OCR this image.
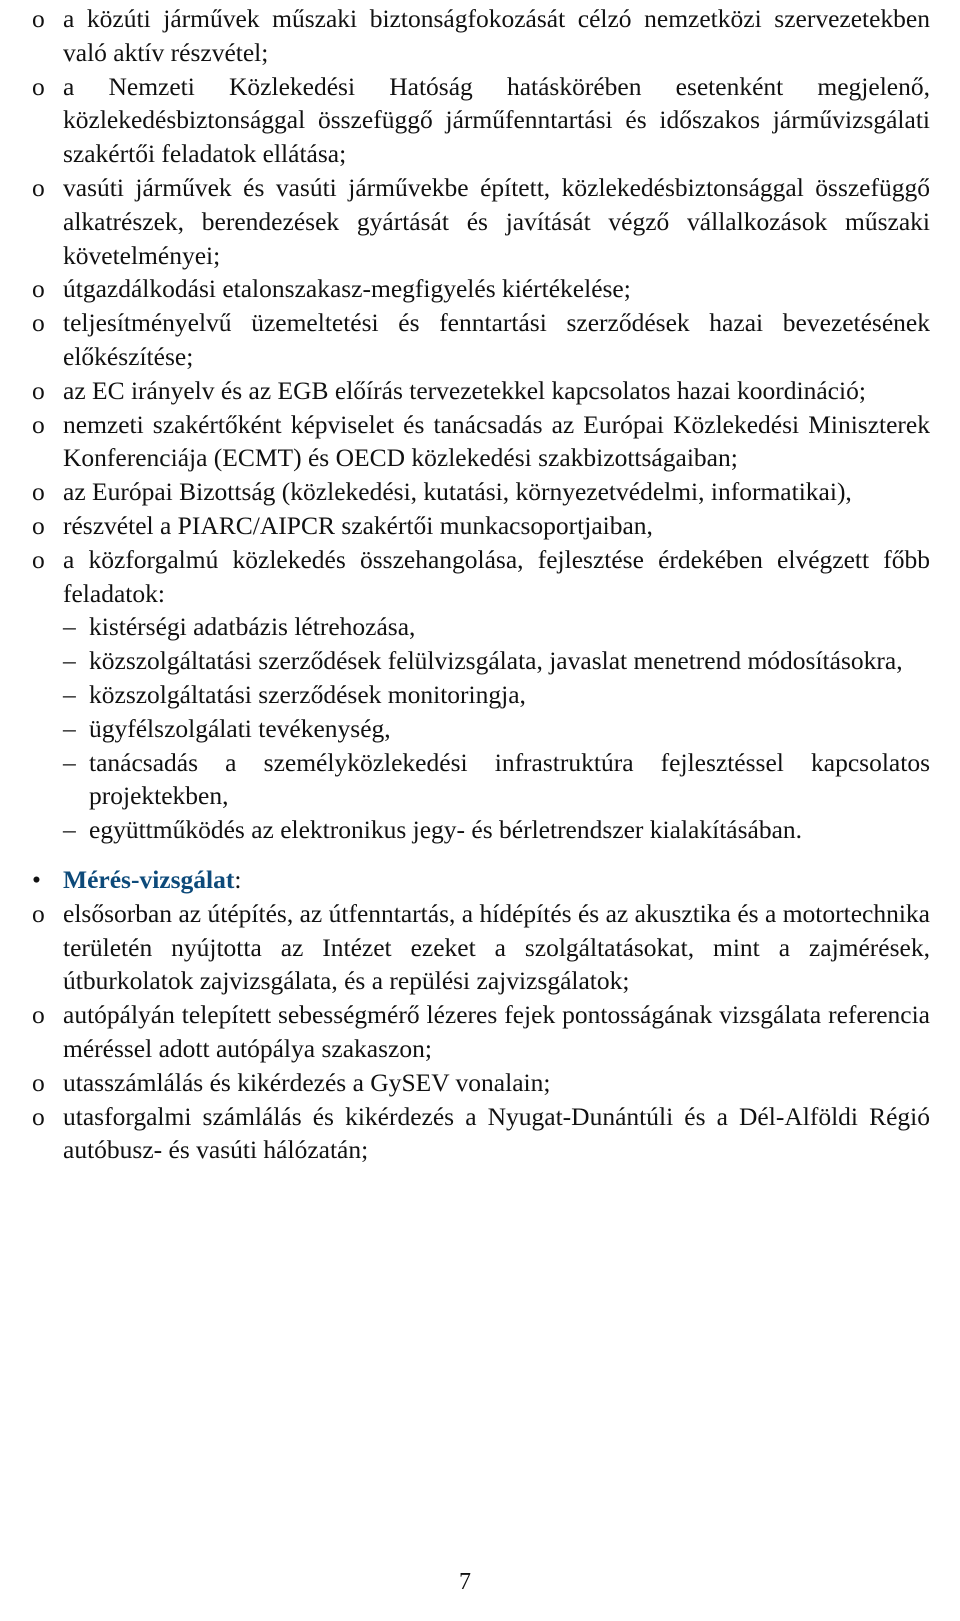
o a közúti járművek műszaki biztonságfokozását célzó nemzetközi szervezetekben való aktív részvétel;
o a Nemzeti Közlekedési Hatóság hatáskörében esetenként megjelenő, közlekedésbiztonsággal összefüggő járműfenntartási és időszakos járművizsgálati szakértői feladatok ellátása;
o vasúti járművek és vasúti járművekbe épített, közlekedésbiztonsággal összefüggő alkatrészek, berendezések gyártását és javítását végző vállalkozások műszaki követelményei;
o útgazdálkodási etalonszakasz-megfigyelés kiértékelése;
o teljesítményelvű üzemeltetési és fenntartási szerződések hazai bevezetésének előkészítése;
o az EC irányelv és az EGB előírás tervezetekkel kapcsolatos hazai koordináció;
o nemzeti szakértőként képviselet és tanácsadás az Európai Közlekedési Miniszterek Konferenciája (ECMT) és OECD közlekedési szakbizottságaiban;
o az Európai Bizottság (közlekedési, kutatási, környezetvédelmi, informatikai),
o részvétel a PIARC/AIPCR szakértői munkacsoportjaiban,
o a közforgalmú közlekedés összehangolása, fejlesztése érdekében elvégzett főbb feladatok:
– kistérségi adatbázis létrehozása,
– közszolgáltatási szerződések felülvizsgálata, javaslat menetrend módosításokra,
– közszolgáltatási szerződések monitoringja,
– ügyfélszolgálati tevékenység,
– tanácsadás a személyközlekedési infrastruktúra fejlesztéssel kapcsolatos projektekben,
– együttműködés az elektronikus jegy- és bérletrendszer kialakításában.
• Mérés-vizsgálat:
o elsősorban az útépítés, az útfenntartás, a hídépítés és az akusztika és a motortechnika területén nyújtotta az Intézet ezeket a szolgáltatásokat, mint a zajmérések, útburkolatok zajvizsgálata, és a repülési zajvizsgálatok;
o autópályán telepített sebességmérő lézeres fejek pontosságának vizsgálata referencia méréssel adott autópálya szakaszon;
o utasszámlálás és kikérdezés a GySEV vonalain;
o utasforgalmi számlálás és kikérdezés a Nyugat-Dunántúli és a Dél-Alföldi Régió autóbusz- és vasúti hálózatán;
7
